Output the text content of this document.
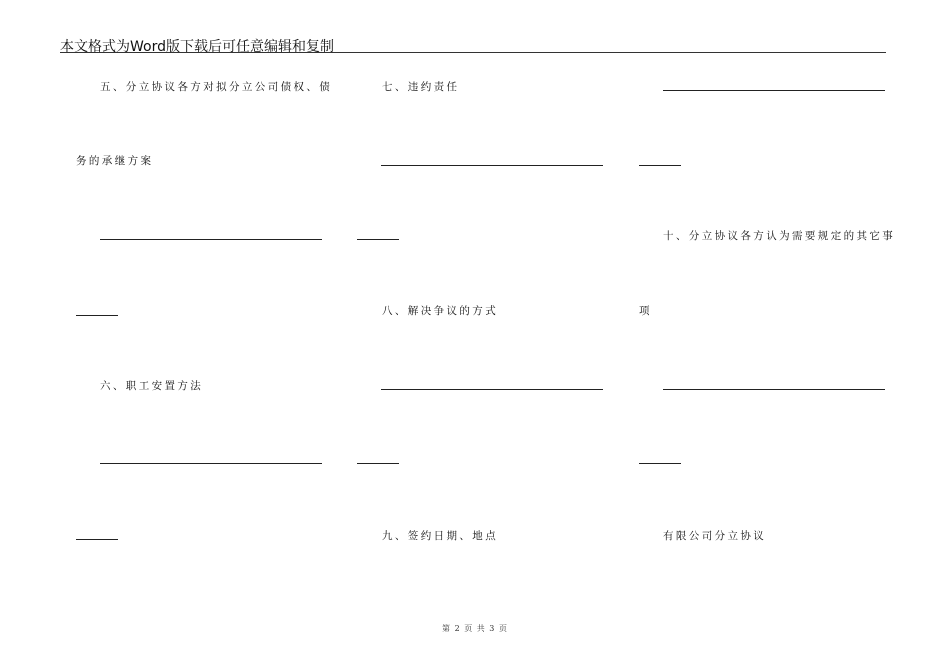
本文格式为Word版下载后可任意编辑和复制
五、分立协议各方对拟分立公司债权、债
务的承继方案
六、职工安置方法
七、违约责任
八、解决争议的方式
九、签约日期、地点
十、分立协议各方认为需要规定的其它事
项
有限公司分立协议
第 2 页 共 3 页
